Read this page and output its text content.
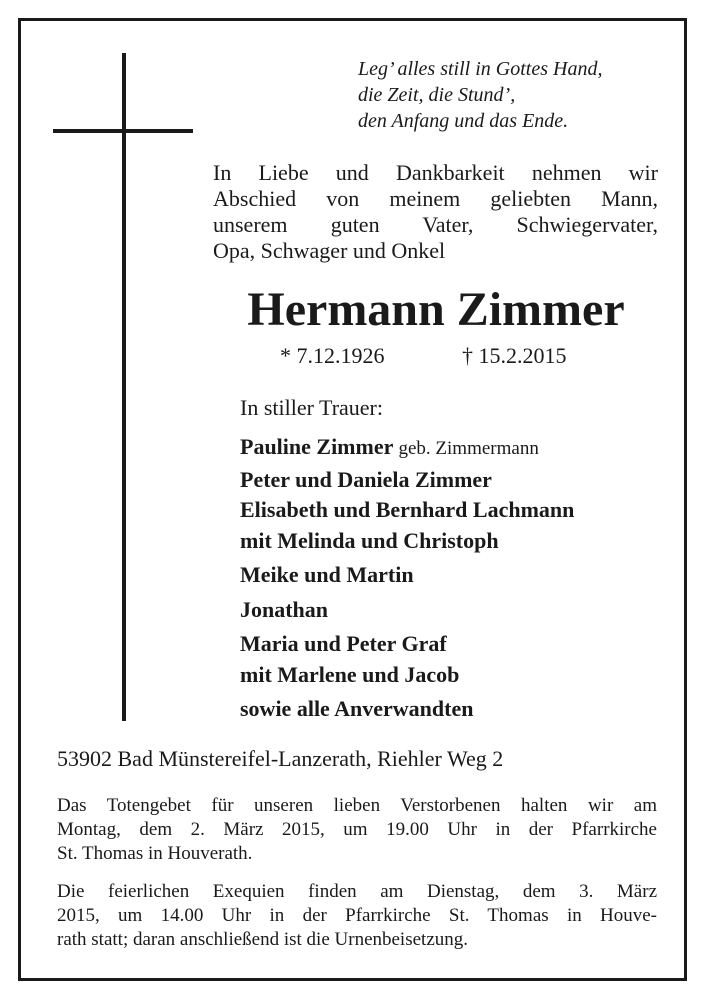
Leg’ alles still in Gottes Hand,
die Zeit, die Stund’,
den Anfang und das Ende.
In Liebe und Dankbarkeit nehmen wir
Abschied von meinem geliebten Mann,
unserem guten Vater, Schwiegervater,
Opa, Schwager und Onkel
Hermann Zimmer
* 7.12.1926	† 15.2.2015
In stiller Trauer:
Pauline Zimmer geb. Zimmermann
Peter und Daniela Zimmer
Elisabeth und Bernhard Lachmann
mit Melinda und Christoph
Meike und Martin
Jonathan
Maria und Peter Graf
mit Marlene und Jacob
sowie alle Anverwandten
53902 Bad Münstereifel-Lanzerath, Riehler Weg 2
Das Totengebet für unseren lieben Verstorbenen halten wir am
Montag, dem 2. März 2015, um 19.00 Uhr in der Pfarrkirche
St. Thomas in Houverath.
Die feierlichen Exequien finden am Dienstag, dem 3. März
2015, um 14.00 Uhr in der Pfarrkirche St. Thomas in Houve-
rath statt; daran anschließend ist die Urnenbeisetzung.
